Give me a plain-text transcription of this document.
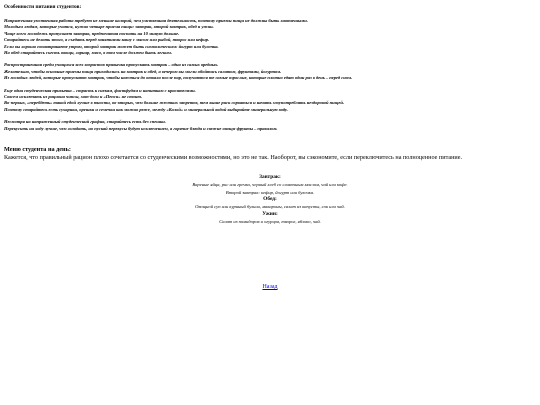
Особенности питания студентов:

Напряженная умственная работа требует не меньше калорий, чем умственная деятельность, поэтому приемы пищи не должны быть хаотичными.
Молодым людям, которые учатся, нужно четыре приема пищи: завтрак, второй завтрак, обед и ужин.
Чаще всего молодежь пропускает завтрак, предпочитая поспать на 10 минут дольше.
Старайтесь не делать этого, а съедать перед занятиями кашу с мясом или рыбой, творог или кефир.
Если вы хорошо позавтракаете утром, второй завтрак может быть символическим: йогурт или булочка.
На обед старайтесь съесть овощи, гарнир, мясо, в том числе должен быть легким.

Распространенная среди учащихся всех возрастов привычка пропускать завтрак – одна из самых вредных.
Желательно, чтобы основные приемы пищи приходились на завтрак и обед, а вечером вы могли обойтись салатом, фруктами, йогуртом.
Из молодых людей, которые пропускают завтрак, чтобы наесться до отвала после пар, получаются те самые взрослые, которые плотно едят один раз в день – перед сном.

Еще одна студенческая привычка – страсть к снекам, фастфудам и напиткам с красителями.
Совсем исключать из рациона чипсы, хот-доги и «Пепси» не стоит.
Во-первых, «перебдеть» такой едой лучше в юности, во-вторых, чем больше жестких запретов, тем выше риск сорваться и начать злоупотреблять нездоровой пищей.
Поэтому старайтесь есть сухарики, орешки и семечки как можно реже, между «Колой» и минеральной водой выбирайте минеральную воду.

Несмотря на напряженный студенческий график, старайтесь есть без спешки.
Перекусить на ходу лучше, чем голодать, но пускай перекусы будут исключением, а горячие блюда и свежие овощи-фрукты – правилом.

Меню студента на день:
Кажется, что правильный рацион плохо сочетается со студенческими возможностями, но это не так. Наоборот, вы сэкономите, если переключитесь на полноценное питание.
Завтрак:
Вареные яйца, рис или гречка, черный хлеб со сливочным маслом, чай или кофе.
Второй завтрак: кефир, йогурт или булочка.
Обед:
Овощной суп или куриный бульон, макароны, салат из капусты, сок или чай.
Ужин:
Салат из помидоров и огурцов, творог, яблоко, чай.
Назад
